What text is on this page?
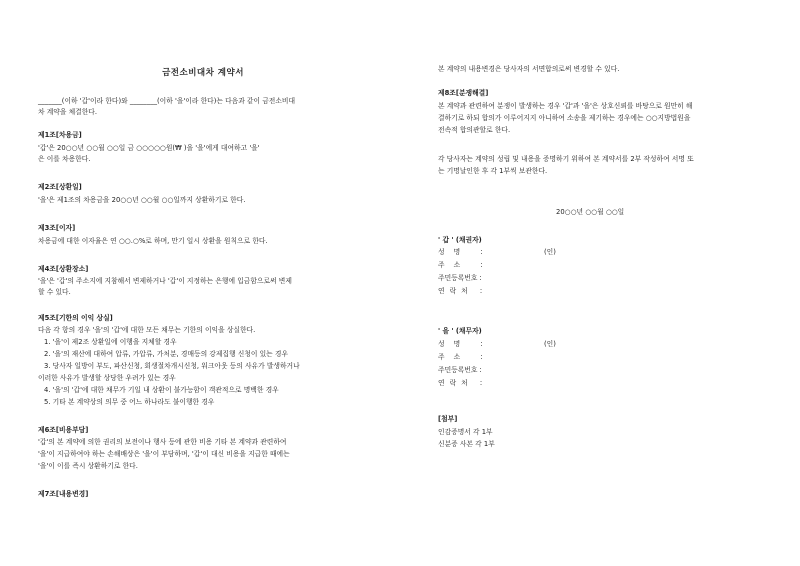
금전소비대차 계약서
_______(이하 '갑'이라 한다)와 ________(이하 '을'이라 한다)는 다음과 같이 금전소비대
차 계약을 체결한다.
제1조[차용금]
'갑'은 20○○년 ○○월 ○○일 금 ○○○○○원(₩ )을 '을'에게 대여하고 '을'
은 이를 차용한다.
제2조[상환일]
'을'은 제1조의 차용금을 20○○년 ○○월 ○○일까지 상환하기로 한다.
제3조[이자]
차용금에 대한 이자율은 연 ○○.○%로 하며, 만기 일시 상환을 원칙으로 한다.
제4조[상환장소]
'을'은 '갑'의 주소지에 지참해서 변제하거나 '갑'이 지정하는 은행에 입금함으로써 변제
할 수 있다.
제5조[기한의 이익 상실]
다음 각 항의 경우 '을'의 '갑'에 대한 모든 채무는 기한의 이익을 상실한다.
1. '을'이 제2조 상환일에 이행을 지체할 경우
2. '을'의 재산에 대하여 압류, 가압류, 가처분, 경매등의 강제집행 신청이 있는 경우
3. 당사자 일방이 부도, 파산신청, 회생절차개시신청, 워크아웃 등의 사유가 발생하거나
이러한 사유가 발생할 상당한 우려가 있는 경우
4. '을'의 '갑'에 대한 채무가 기일 내 상환이 불가능함이 객관적으로 명백한 경우
5. 기타 본 계약상의 의무 중 어느 하나라도 불이행한 경우
제6조[비용부담]
'갑'의 본 계약에 의한 권리의 보전이나 행사 등에 관한 비용 기타 본 계약과 관련하여
'을'이 지급하여야 하는 손해배상은 '을'이 부담하며, '갑'이 대신 비용을 지급한 때에는
'을'이 이를 즉시 상환하기로 한다.
제7조[내용변경]
본 계약의 내용변경은 당사자의 서면합의로써 변경할 수 있다.
제8조[분쟁해결]
본 계약과 관련하여 분쟁이 발생하는 경우 '갑'과 '을'은 상호신뢰를 바탕으로 원만히 해
결하기로 하되 합의가 이루어지지 아니하여 소송을 제기하는 경우에는 ○○지방법원을
전속적 합의관할로 한다.
각 당사자는 계약의 성립 및 내용을 증명하기 위하여 본 계약서를 2부 작성하여 서명 또
는 기명날인한 후 각 1부씩 보관한다.
20○○년 ○○월 ○○일
' 갑 ' (채권자)
성명 :	(인)
주소 :
주민등록번호 :
연락처 :
' 을 ' (채무자)
성명 :	(인)
주소 :
주민등록번호 :
연락처 :
[첨부]
인감증명서 각 1부
신분증 사본 각 1부
